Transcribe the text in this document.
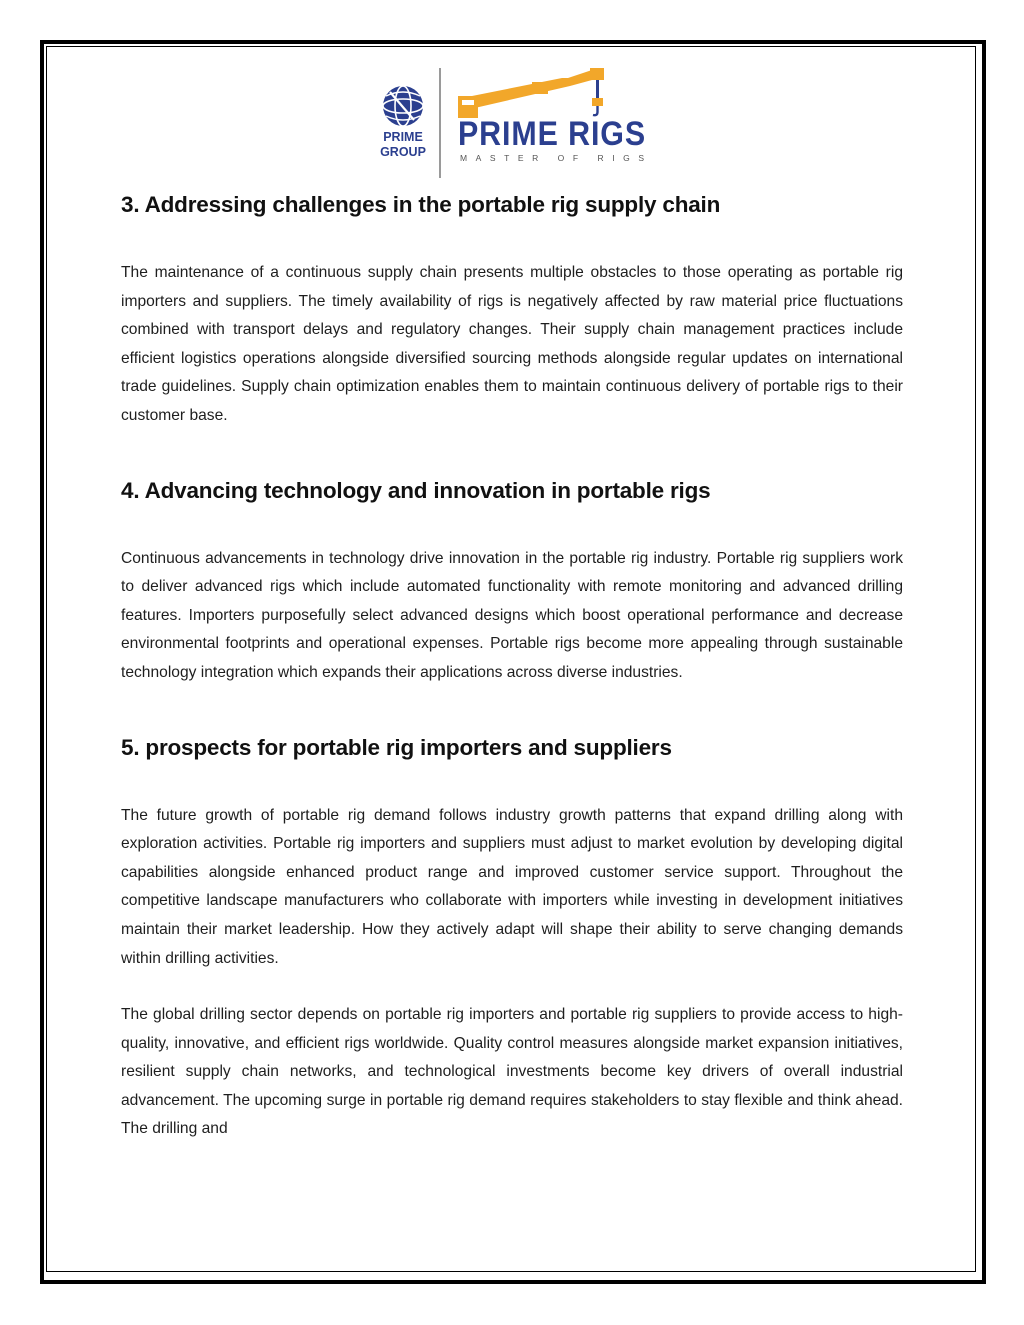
PRIME
GROUP PRIME RIGS
MASTER OF RIGS
3. Addressing challenges in the portable rig supply chain

The maintenance of a continuous supply chain presents multiple obstacles to those operating as portable rig importers and suppliers. The timely availability of rigs is negatively affected by raw material price fluctuations combined with transport delays and regulatory changes. Their supply chain management practices include efficient logistics operations alongside diversified sourcing methods alongside regular updates on international trade guidelines. Supply chain optimization enables them to maintain continuous delivery of portable rigs to their customer base.

4. Advancing technology and innovation in portable rigs

Continuous advancements in technology drive innovation in the portable rig industry. Portable rig suppliers work to deliver advanced rigs which include automated functionality with remote monitoring and advanced drilling features. Importers purposefully select advanced designs which boost operational performance and decrease environmental footprints and operational expenses. Portable rigs become more appealing through sustainable technology integration which expands their applications across diverse industries.

5. prospects for portable rig importers and suppliers

The future growth of portable rig demand follows industry growth patterns that expand drilling along with exploration activities. Portable rig importers and suppliers must adjust to market evolution by developing digital capabilities alongside enhanced product range and improved customer service support. Throughout the competitive landscape manufacturers who collaborate with importers while investing in development initiatives maintain their market leadership. How they actively adapt will shape their ability to serve changing demands within drilling activities.

The global drilling sector depends on portable rig importers and portable rig suppliers to provide access to high-quality, innovative, and efficient rigs worldwide. Quality control measures alongside market expansion initiatives, resilient supply chain networks, and technological investments become key drivers of overall industrial advancement. The upcoming surge in portable rig demand requires stakeholders to stay flexible and think ahead. The drilling and
